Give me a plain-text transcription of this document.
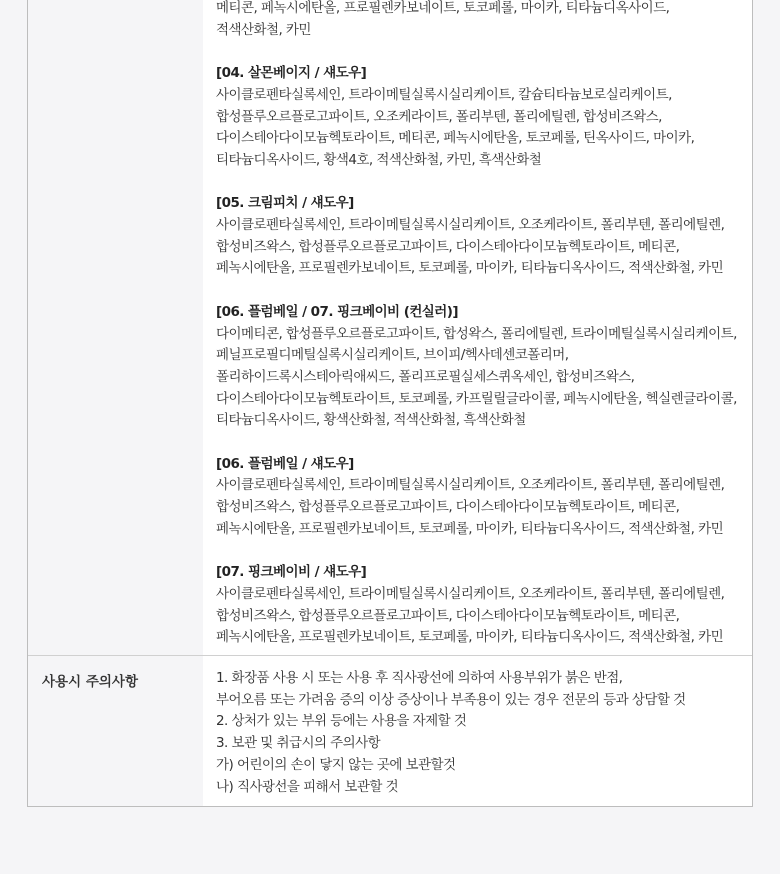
메티콘, 페녹시에탄올, 프로필렌카보네이트, 토코페롤, 마이카, 티타늄디옥사이드,
적색산화철, 카민
[04. 살몬베이지 / 섀도우]
사이클로펜타실록세인, 트라이메틸실록시실리케이트, 칼슘티타늄보로실리케이트,
합성플루오르플로고파이트, 오조케라이트, 폴리부텐, 폴리에틸렌, 합성비즈왁스,
다이스테아다이모늄헥토라이트, 메티콘, 페녹시에탄올, 토코페롤, 틴옥사이드, 마이카,
티타늄디옥사이드, 황색4호, 적색산화철, 카민, 흑색산화철
[05. 크림피치 / 섀도우]
사이클로펜타실록세인, 트라이메틸실록시실리케이트, 오조케라이트, 폴리부텐, 폴리에틸렌,
합성비즈왁스, 합성플루오르플로고파이트, 다이스테아다이모늄헥토라이트, 메티콘,
페녹시에탄올, 프로필렌카보네이트, 토코페롤, 마이카, 티타늄디옥사이드, 적색산화철, 카민
[06. 플럼베일 / 07. 핑크베이비 (컨실러)]
다이메티콘, 합성플루오르플로고파이트, 합성왁스, 폴리에틸렌, 트라이메틸실록시실리케이트,
페닐프로필디메틸실록시실리케이트, 브이피/헥사데센코폴리머,
폴리하이드록시스테아릭애씨드, 폴리프로필실세스퀴옥세인, 합성비즈왁스,
다이스테아다이모늄헥토라이트, 토코페롤, 카프릴릴글라이콜, 페녹시에탄올, 헥실렌글라이콜,
티타늄디옥사이드, 황색산화철, 적색산화철, 흑색산화철
[06. 플럼베일 / 섀도우]
사이클로펜타실록세인, 트라이메틸실록시실리케이트, 오조케라이트, 폴리부텐, 폴리에틸렌,
합성비즈왁스, 합성플루오르플로고파이트, 다이스테아다이모늄헥토라이트, 메티콘,
페녹시에탄올, 프로필렌카보네이트, 토코페롤, 마이카, 티타늄디옥사이드, 적색산화철, 카민
[07. 핑크베이비 / 섀도우]
사이클로펜타실록세인, 트라이메틸실록시실리케이트, 오조케라이트, 폴리부텐, 폴리에틸렌,
합성비즈왁스, 합성플루오르플로고파이트, 다이스테아다이모늄헥토라이트, 메티콘,
페녹시에탄올, 프로필렌카보네이트, 토코페롤, 마이카, 티타늄디옥사이드, 적색산화철, 카민
사용시 주의사항	1. 화장품 사용 시 또는 사용 후 직사광선에 의하여 사용부위가 붉은 반점,
부어오름 또는 가려움 증의 이상 증상이나 부족용이 있는 경우 전문의 등과 상담할 것
2. 상처가 있는 부위 등에는 사용을 자제할 것
3. 보관 및 취급시의 주의사항
가) 어린이의 손이 닿지 않는 곳에 보관할것
나) 직사광선을 피해서 보관할 것
